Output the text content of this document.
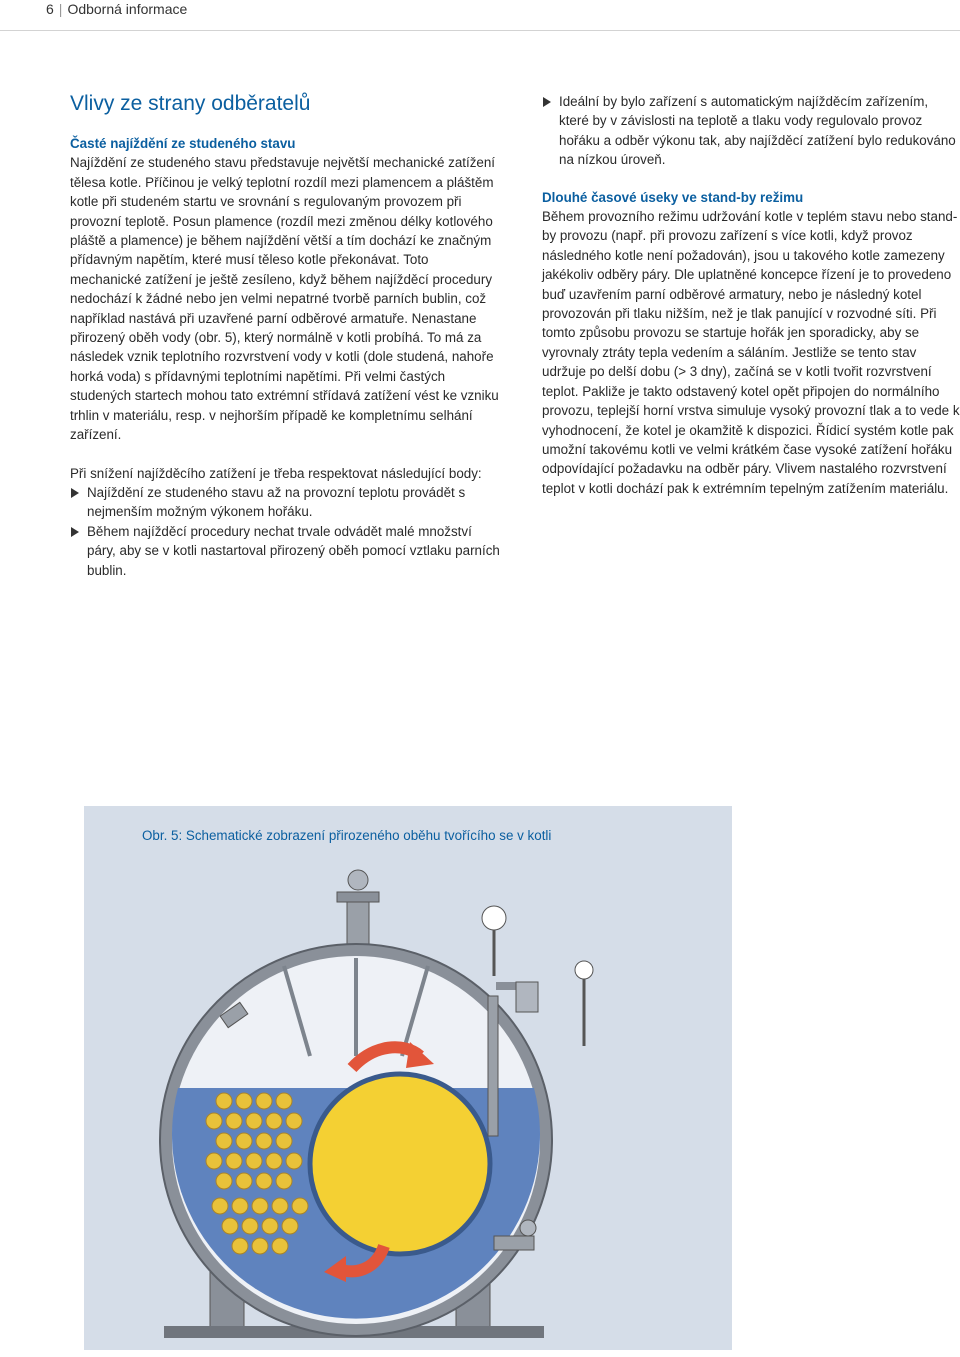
6 | Odborná informace
Vlivy ze strany odběratelů
Časté najíždění ze studeného stavu

Najíždění ze studeného stavu představuje největší mechanické zatížení tělesa kotle. Příčinou je velký teplotní rozdíl mezi plamencem a pláštěm kotle při studeném startu ve srovnání s regulovaným provozem při provozní teplotě. Posun plamence (rozdíl mezi změnou délky kotlového pláště a plamence) je během najíždění větší a tím dochází ke značným přídavným napětím, které musí těleso kotle překonávat. Toto mechanické zatížení je ještě zesíleno, když během najížděcí procedury nedochází k žádné nebo jen velmi nepatrné tvorbě parních bublin, což například nastává při uzavřené parní odběrové armatuře. Nenastane přirozený oběh vody (obr. 5), který normálně v kotli probíhá. To má za následek vznik teplotního rozvrstvení vody v kotli (dole studená, nahoře horká voda) s přídavnými teplotními napětími. Při velmi častých studených startech mohou tato extrémní střídavá zatížení vést ke vzniku trhlin v materiálu, resp. v nejhorším případě ke kompletnímu selhání zařízení.

Při snížení najížděcího zatížení je třeba respektovat následující body:

Najíždění ze studeného stavu až na provozní teplotu provádět s nejmenším možným výkonem hořáku.
Během najížděcí procedury nechat trvale odvádět malé množství páry, aby se v kotli nastartoval přirozený oběh pomocí vztlaku parních bublin.
Ideální by bylo zařízení s automatickým najížděcím zařízením, které by v závislosti na teplotě a tlaku vody regulovalo provoz hořáku a odběr výkonu tak, aby najížděcí zatížení bylo redukováno na nízkou úroveň.
Dlouhé časové úseky ve stand-by režimu

Během provozního režimu udržování kotle v teplém stavu nebo stand-by provozu (např. při provozu zařízení s více kotli, když provoz následného kotle není požadován), jsou u takového kotle zamezeny jakékoliv odběry páry. Dle uplatněné koncepce řízení je to provedeno buď uzavřením parní odběrové armatury, nebo je následný kotel provozován při tlaku nižším, než je tlak panující v rozvodné síti. Při tomto způsobu provozu se startuje hořák jen sporadicky, aby se vyrovnaly ztráty tepla vedením a sáláním. Jestliže se tento stav udržuje po delší dobu (> 3 dny), začíná se v kotli tvořit rozvrstvení teplot. Pakliže je takto odstavený kotel opět připojen do normálního provozu, teplejší horní vrstva simuluje vysoký provozní tlak a to vede k vyhodnocení, že kotel je okamžitě k dispozici. Řídicí systém kotle pak umožní takovému kotli ve velmi krátkém čase vysoké zatížení hořáku odpovídající požadavku na odběr páry. Vlivem nastalého rozvrstvení teplot v kotli dochází pak k extrémním tepelným zatížením materiálu.

Obr. 5: Schematické zobrazení přirozeného oběhu tvořícího se v kotli
